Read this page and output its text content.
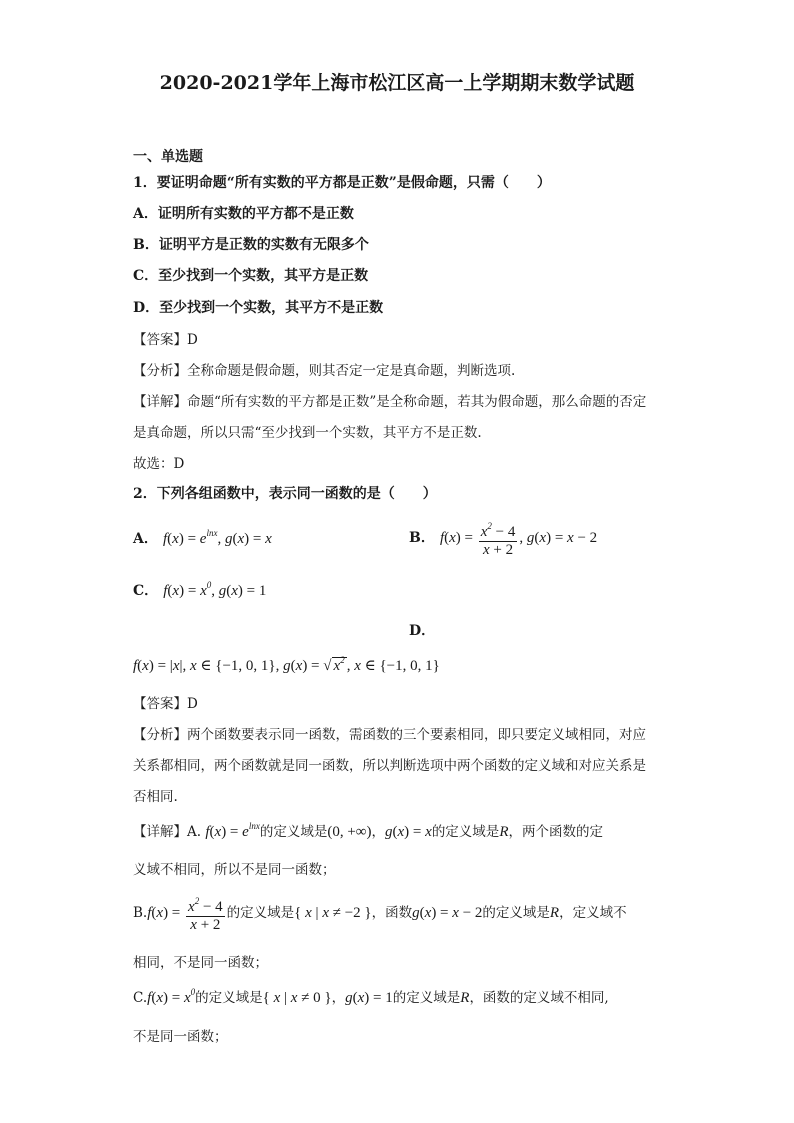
2020-2021学年上海市松江区高一上学期期末数学试题
一、单选题
1．要证明命题“所有实数的平方都是正数”是假命题，只需（　　）
A．证明所有实数的平方都不是正数
B．证明平方是正数的实数有无限多个
C．至少找到一个实数，其平方是正数
D．至少找到一个实数，其平方不是正数
【答案】D
【分析】全称命题是假命题，则其否定一定是真命题，判断选项.
【详解】命题“所有实数的平方都是正数”是全称命题，若其为假命题，那么命题的否定
是真命题，所以只需“至少找到一个实数，其平方不是正数.
故选：D
2．下列各组函数中，表示同一函数的是（　　）
A． $f(x) = e^{lnx}$, g(x) = x	B． $f(x) = \frac{x^2 - 4}{x + 2}$ , g(x) = x − 2
C． $f(x) = x^0$, g(x) = 1
D．
f(x) = |x|, x ∈ {−1, 0, 1}, g(x) = √ $x^2$ , x ∈ {−1, 0, 1}
【答案】D
【分析】两个函数要表示同一函数，需函数的三个要素相同，即只要定义域相同，对应
关系都相同，两个函数就是同一函数，所以判断选项中两个函数的定义域和对应关系是
否相同.
【详解】A. $f(x) = e^{lnx}$的定义域是(0, +∞)，g(x) = x的定义域是R，两个函数的定
义域不相同，所以不是同一函数；
$B.f(x) = \frac{x^2 - 4}{x + 2}$ 的定义域是{ x | x ≠ −2 }，函数g(x) = x − 2的定义域是R，定义域不
相同，不是同一函数；
$C.f(x) = x^0$的定义域是{ x | x ≠ 0 }，g(x) = 1的定义域是R，函数的定义域不相同,
不是同一函数；
